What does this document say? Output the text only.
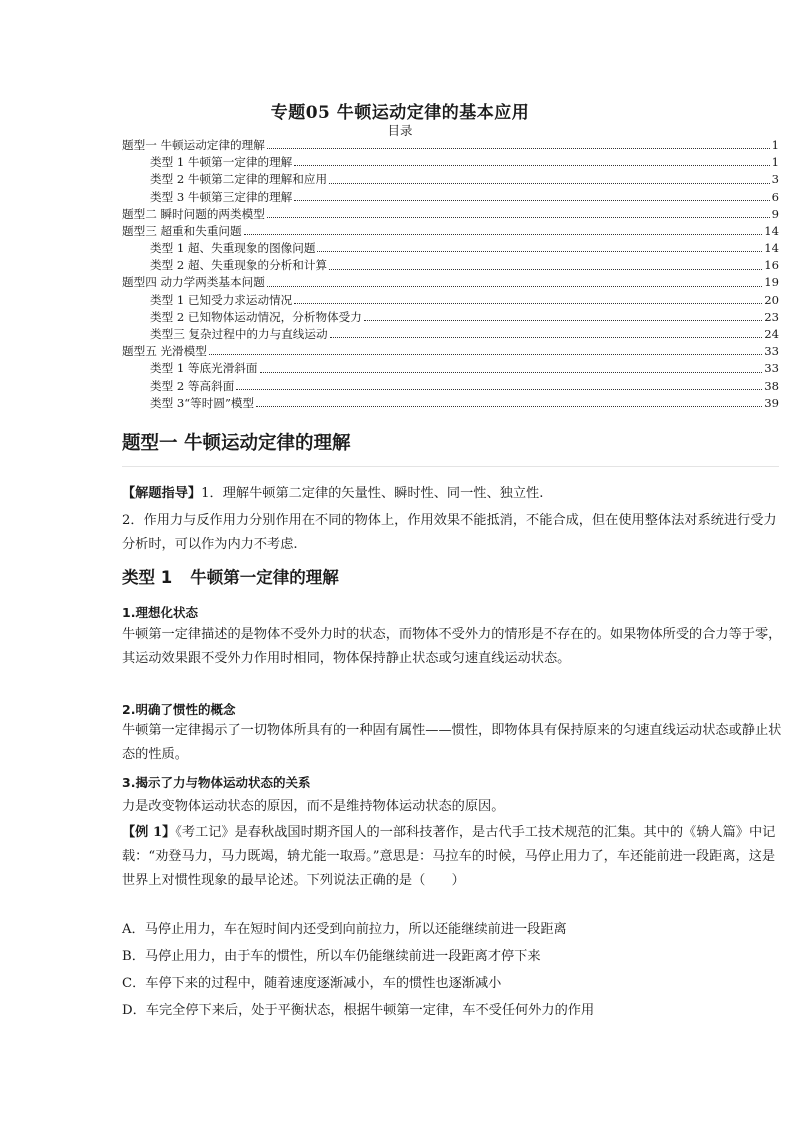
专题05 牛顿运动定律的基本应用
目录
题型一 牛顿运动定律的理解	1
类型 1 牛顿第一定律的理解	1
类型 2 牛顿第二定律的理解和应用	3
类型 3 牛顿第三定律的理解	6
题型二 瞬时问题的两类模型	9
题型三 超重和失重问题	14
类型 1 超、失重现象的图像问题	14
类型 2 超、失重现象的分析和计算	16
题型四 动力学两类基本问题	19
类型 1 已知受力求运动情况	20
类型 2 已知物体运动情况，分析物体受力	23
类型三 复杂过程中的力与直线运动	24
题型五 光滑模型	33
类型 1 等底光滑斜面	33
类型 2 等高斜面	38
类型 3“等时圆”模型	39
题型一 牛顿运动定律的理解
【解题指导】1．理解牛顿第二定律的矢量性、瞬时性、同一性、独立性.
2．作用力与反作用力分别作用在不同的物体上，作用效果不能抵消，不能合成，但在使用整体法对系统进行受力分析时，可以作为内力不考虑.
类型 1 牛顿第一定律的理解
1.理想化状态
牛顿第一定律描述的是物体不受外力时的状态，而物体不受外力的情形是不存在的。如果物体所受的合力等于零，其运动效果跟不受外力作用时相同，物体保持静止状态或匀速直线运动状态。
2.明确了惯性的概念
牛顿第一定律揭示了一切物体所具有的一种固有属性——惯性，即物体具有保持原来的匀速直线运动状态或静止状态的性质。
3.揭示了力与物体运动状态的关系
力是改变物体运动状态的原因，而不是维持物体运动状态的原因。
【例 1】《考工记》是春秋战国时期齐国人的一部科技著作，是古代手工技术规范的汇集。其中的《辀人篇》中记载：“劝登马力，马力既竭，辀尤能一取焉。”意思是：马拉车的时候，马停止用力了，车还能前进一段距离，这是世界上对惯性现象的最早论述。下列说法正确的是（　　）
A．马停止用力，车在短时间内还受到向前拉力，所以还能继续前进一段距离
B．马停止用力，由于车的惯性，所以车仍能继续前进一段距离才停下来
C．车停下来的过程中，随着速度逐渐减小，车的惯性也逐渐减小
D．车完全停下来后，处于平衡状态，根据牛顿第一定律，车不受任何外力的作用
